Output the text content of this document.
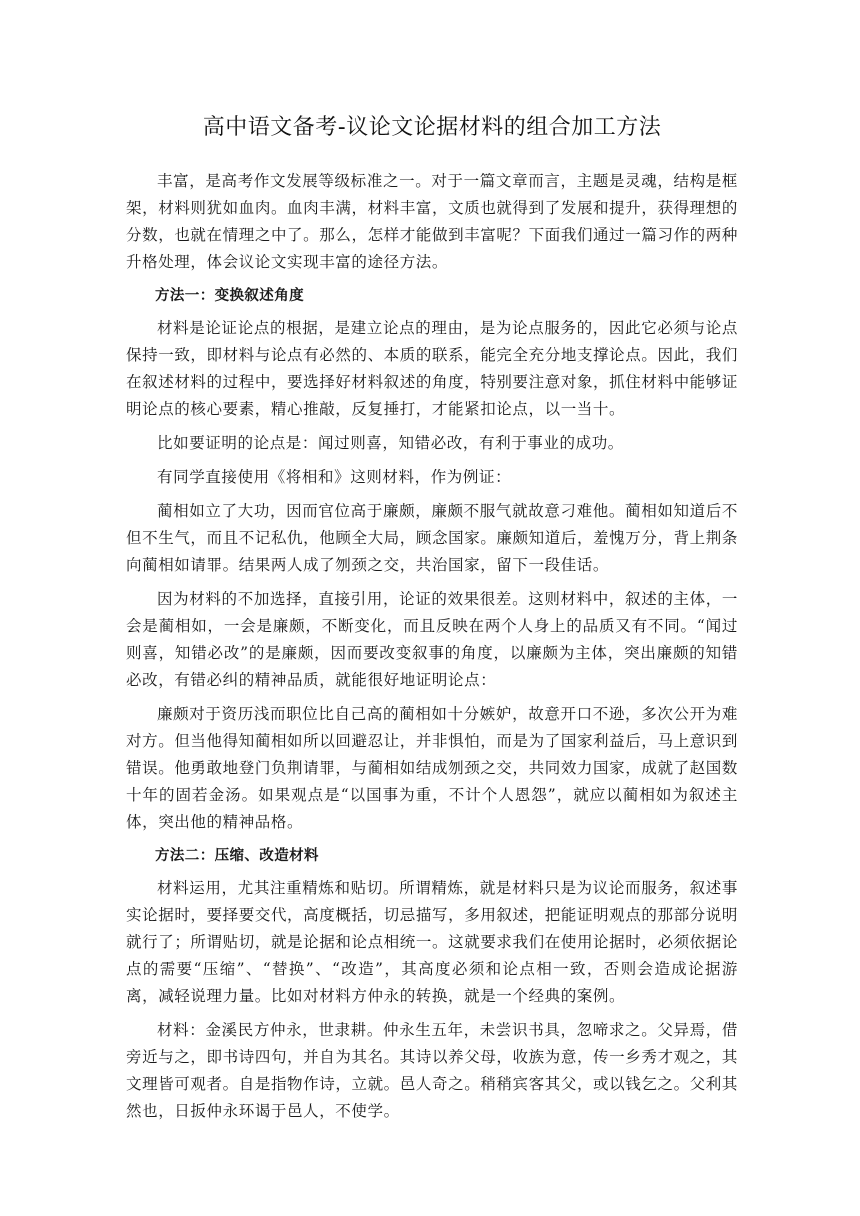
高中语文备考-议论文论据材料的组合加工方法

丰富，是高考作文发展等级标准之一。对于一篇文章而言，主题是灵魂，结构是框架，材料则犹如血肉。血肉丰满，材料丰富，文质也就得到了发展和提升，获得理想的分数，也就在情理之中了。那么，怎样才能做到丰富呢？下面我们通过一篇习作的两种升格处理，体会议论文实现丰富的途径方法。

方法一：变换叙述角度

材料是论证论点的根据，是建立论点的理由，是为论点服务的，因此它必须与论点保持一致，即材料与论点有必然的、本质的联系，能完全充分地支撑论点。因此，我们在叙述材料的过程中，要选择好材料叙述的角度，特别要注意对象，抓住材料中能够证明论点的核心要素，精心推敲，反复捶打，才能紧扣论点，以一当十。

比如要证明的论点是：闻过则喜，知错必改，有利于事业的成功。

有同学直接使用《将相和》这则材料，作为例证：

蔺相如立了大功，因而官位高于廉颇，廉颇不服气就故意刁难他。蔺相如知道后不但不生气，而且不记私仇，他顾全大局，顾念国家。廉颇知道后，羞愧万分，背上荆条向蔺相如请罪。结果两人成了刎颈之交，共治国家，留下一段佳话。

因为材料的不加选择，直接引用，论证的效果很差。这则材料中，叙述的主体，一会是蔺相如，一会是廉颇，不断变化，而且反映在两个人身上的品质又有不同。“闻过则喜，知错必改”的是廉颇，因而要改变叙事的角度，以廉颇为主体，突出廉颇的知错必改，有错必纠的精神品质，就能很好地证明论点：

廉颇对于资历浅而职位比自己高的蔺相如十分嫉妒，故意开口不逊，多次公开为难对方。但当他得知蔺相如所以回避忍让，并非惧怕，而是为了国家利益后，马上意识到错误。他勇敢地登门负荆请罪，与蔺相如结成刎颈之交，共同效力国家，成就了赵国数十年的固若金汤。如果观点是“以国事为重，不计个人恩怨”，就应以蔺相如为叙述主体，突出他的精神品格。

方法二：压缩、改造材料

材料运用，尤其注重精炼和贴切。所谓精炼，就是材料只是为议论而服务，叙述事实论据时，要择要交代，高度概括，切忌描写，多用叙述，把能证明观点的那部分说明就行了；所谓贴切，就是论据和论点相统一。这就要求我们在使用论据时，必须依据论点的需要“压缩”、“替换”、“改造”，其高度必须和论点相一致，否则会造成论据游离，减轻说理力量。比如对材料方仲永的转换，就是一个经典的案例。

材料：金溪民方仲永，世隶耕。仲永生五年，未尝识书具，忽啼求之。父异焉，借旁近与之，即书诗四句，并自为其名。其诗以养父母，收族为意，传一乡秀才观之，其文理皆可观者。自是指物作诗，立就。邑人奇之。稍稍宾客其父，或以钱乞之。父利其然也，日扳仲永环谒于邑人，不使学。
